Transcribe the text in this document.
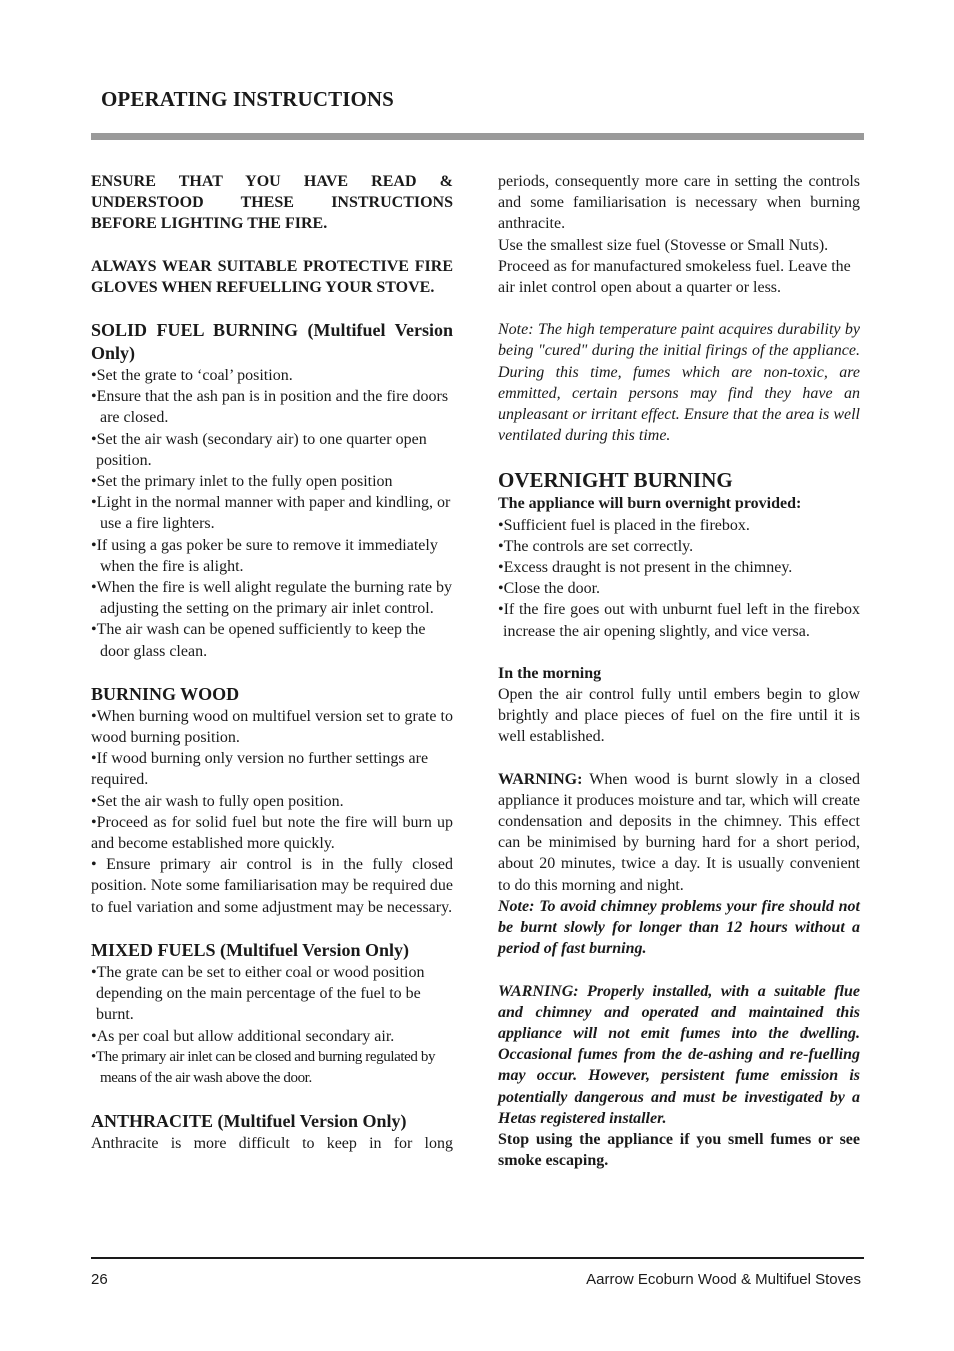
OPERATING INSTRUCTIONS

ENSURE THAT YOU HAVE READ & UNDERSTOOD THESE INSTRUCTIONS BEFORE LIGHTING THE FIRE.

ALWAYS WEAR SUITABLE PROTECTIVE FIRE GLOVES WHEN REFUELLING YOUR STOVE.

SOLID FUEL BURNING (Multifuel Version Only)

•Set the grate to ‘coal’ position.

•Ensure that the ash pan is in position and the fire doors are closed.

•Set the air wash (secondary air) to one quarter open position.

•Set the primary inlet to the fully open position

•Light in the normal manner with paper and kindling, or use a fire lighters.

•If using a gas poker be sure to remove it immediately when the fire is alight.

•When the fire is well alight regulate the burning rate by adjusting the setting on the primary air inlet control.

•The air wash can be opened sufficiently to keep the door glass clean.

BURNING WOOD

•When burning wood on multifuel version set to grate to wood burning position.

•If wood burning only version no further settings are required.

•Set the air wash to fully open position.

•Proceed as for solid fuel but note the fire will burn up and become established more quickly.

• Ensure primary air control is in the fully closed position. Note some familiarisation may be required due to fuel variation and some adjustment may be necessary.

MIXED FUELS (Multifuel Version Only)

•The grate can be set to either coal or wood position depending on the main percentage of the fuel to be burnt.

•As per coal but allow additional secondary air.

•The primary air inlet can be closed and burning regulated by means of the air wash above the door.

ANTHRACITE (Multifuel Version Only)

Anthracite is more difficult to keep in for long

periods, consequently more care in setting the controls and some familiarisation is necessary when burning anthracite.

Use the smallest size fuel (Stovesse or Small Nuts). Proceed as for manufactured smokeless fuel. Leave the air inlet control open about a quarter or less.

Note: The high temperature paint acquires durability by being "cured" during the initial firings of the appliance. During this time, fumes which are non-toxic, are emmitted, certain persons may find they have an unpleasant or irritant effect. Ensure that the area is well ventilated during this time.

OVERNIGHT BURNING

The appliance will burn overnight provided:

•Sufficient fuel is placed in the firebox.

•The controls are set correctly.

•Excess draught is not present in the chimney.

•Close the door.

•If the fire goes out with unburnt fuel left in the firebox increase the air opening slightly, and vice versa.

In the morning

Open the air control fully until embers begin to glow brightly and place pieces of fuel on the fire until it is well established.

WARNING: When wood is burnt slowly in a closed appliance it produces moisture and tar, which will create condensation and deposits in the chimney. This effect can be minimised by burning hard for a short period, about 20 minutes, twice a day. It is usually convenient to do this morning and night.

Note: To avoid chimney problems your fire should not be burnt slowly for longer than 12 hours without a period of fast burning.

WARNING: Properly installed, with a suitable flue and chimney and operated and maintained this appliance will not emit fumes into the dwelling. Occasional fumes from the de-ashing and re-fuelling may occur. However, persistent fume emission is potentially dangerous and must be investigated by a Hetas registered installer.

Stop using the appliance if you smell fumes or see smoke escaping.

26	Aarrow Ecoburn Wood & Multifuel Stoves
